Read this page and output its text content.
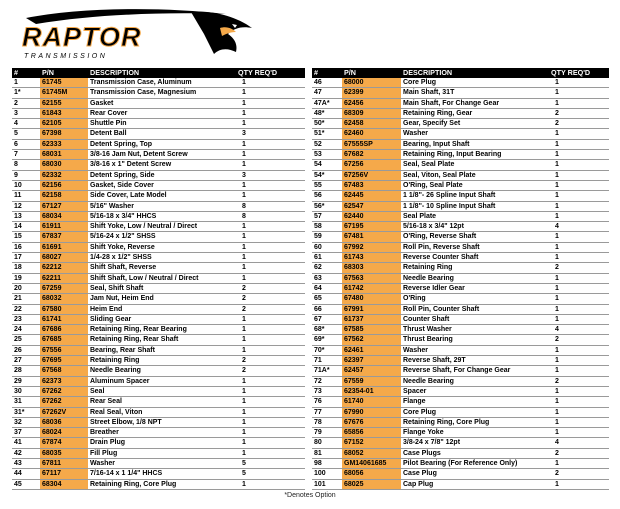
RAPTOR
TRANSMISSION
#	P/N	DESCRIPTION	QTY REQ'D
1	61745	Transmission Case, Aluminum	1
1*	61745M	Transmission Case, Magnesium	1
2	62155	Gasket	1
3	61843	Rear Cover	1
4	62105	Shuttle Pin	1
5	67398	Detent Ball	3
6	62333	Detent Spring, Top	1
7	68031	3/8-16 Jam Nut, Detent Screw	1
8	68030	3/8-16 x 1" Detent Screw	1
9	62332	Detent Spring, Side	3
10	62156	Gasket, Side Cover	1
11	62158	Side Cover, Late Model	1
12	67127	5/16" Washer	8
13	68034	5/16-18 x 3/4" HHCS	8
14	61911	Shift Yoke, Low / Neutral / Direct	1
15	67837	5/16-24 x 1/2" SHSS	1
16	61691	Shift Yoke, Reverse	1
17	68027	1/4-28 x 1/2" SHSS	1
18	62212	Shift Shaft, Reverse	1
19	62211	Shift Shaft, Low / Neutral / Direct	1
20	67259	Seal, Shift Shaft	2
21	68032	Jam Nut, Heim End	2
22	67580	Heim End	2
23	61741	Sliding Gear	1
24	67686	Retaining Ring, Rear Bearing	1
25	67685	Retaining Ring, Rear Shaft	1
26	67556	Bearing, Rear Shaft	1
27	67695	Retaining Ring	2
28	67568	Needle Bearing	2
29	62373	Aluminum Spacer	1
30	67262	Seal	1
31	67262	Rear Seal	1
31*	67262V	Real Seal, Viton	1
32	68036	Street Elbow, 1/8 NPT	1
37	68024	Breather	1
41	67874	Drain Plug	1
42	68035	Fill Plug	1
43	67811	Washer	5
44	67117	7/16-14 x 1 1/4" HHCS	5
45	68304	Retaining Ring, Core Plug	1
#	P/N	DESCRIPTION	QTY REQ'D
46	68000	Core Plug	1
47	62399	Main Shaft, 31T	1
47A*	62456	Main Shaft, For Change Gear	1
48*	68309	Retaining Ring, Gear	2
50*	62458	Gear, Specify Set	2
51*	62460	Washer	1
52	67555SP	Bearing, Input Shaft	1
53	67682	Retaining Ring, Input Bearing	1
54	67256	Seal, Seal Plate	1
54*	67256V	Seal, Viton, Seal Plate	1
55	67483	O'Ring, Seal Plate	1
56	62445	1 1/8"- 26 Spline Input Shaft	1
56*	62547	1 1/8"- 10 Spline Input Shaft	1
57	62440	Seal Plate	1
58	67195	5/16-18 x 3/4" 12pt	4
59	67481	O'Ring, Reverse Shaft	1
60	67992	Roll Pin, Reverse Shaft	1
61	61743	Reverse Counter Shaft	1
62	68303	Retaining Ring	2
63	67563	Needle Bearing	1
64	61742	Reverse Idler Gear	1
65	67480	O'Ring	1
66	67991	Roll Pin, Counter Shaft	1
67	61737	Counter Shaft	1
68*	67585	Thrust Washer	4
69*	67562	Thrust Bearing	2
70*	62461	Washer	1
71	62397	Reverse Shaft, 29T	1
71A*	62457	Reverse Shaft, For Change Gear	1
72	67559	Needle Bearing	2
73	62354-01	Spacer	1
76	61740	Flange	1
77	67990	Core Plug	1
78	67676	Retaining Ring, Core Plug	1
79	65856	Flange Yoke	1
80	67152	3/8-24 x 7/8" 12pt	4
81	68052	Case Plugs	2
98	GM14061685	Pilot Bearing (For Reference Only)	1
100	68056	Case Plug	2
101	68025	Cap Plug	1
*Denotes Option
